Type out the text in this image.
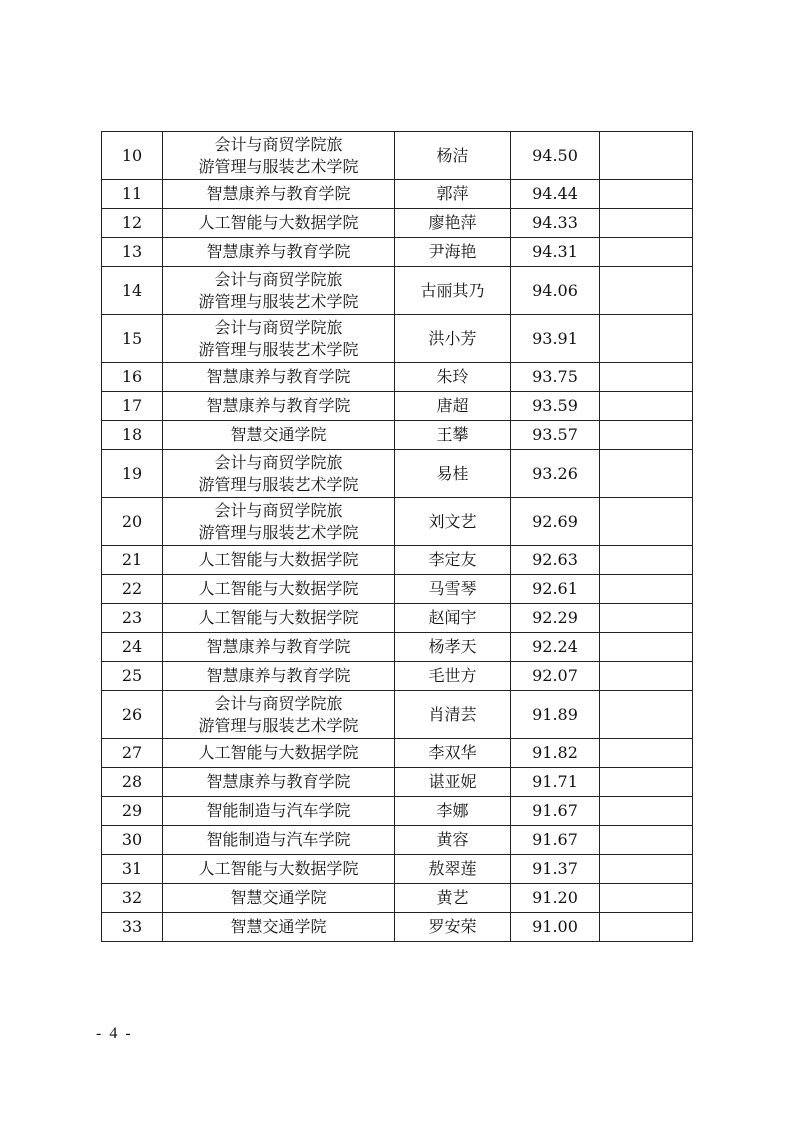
10	会计与商贸学院旅
游管理与服装艺术学院	杨洁	94.50	
11	智慧康养与教育学院	郭萍	94.44	
12	人工智能与大数据学院	廖艳萍	94.33	
13	智慧康养与教育学院	尹海艳	94.31	
14	会计与商贸学院旅
游管理与服装艺术学院	古丽其乃	94.06	
15	会计与商贸学院旅
游管理与服装艺术学院	洪小芳	93.91	
16	智慧康养与教育学院	朱玲	93.75	
17	智慧康养与教育学院	唐超	93.59	
18	智慧交通学院	王攀	93.57	
19	会计与商贸学院旅
游管理与服装艺术学院	易桂	93.26	
20	会计与商贸学院旅
游管理与服装艺术学院	刘文艺	92.69	
21	人工智能与大数据学院	李定友	92.63	
22	人工智能与大数据学院	马雪琴	92.61	
23	人工智能与大数据学院	赵闻宇	92.29	
24	智慧康养与教育学院	杨孝天	92.24	
25	智慧康养与教育学院	毛世方	92.07	
26	会计与商贸学院旅
游管理与服装艺术学院	肖清芸	91.89	
27	人工智能与大数据学院	李双华	91.82	
28	智慧康养与教育学院	谌亚妮	91.71	
29	智能制造与汽车学院	李娜	91.67	
30	智能制造与汽车学院	黄容	91.67	
31	人工智能与大数据学院	敖翠莲	91.37	
32	智慧交通学院	黄艺	91.20	
33	智慧交通学院	罗安荣	91.00	
- 4 -
